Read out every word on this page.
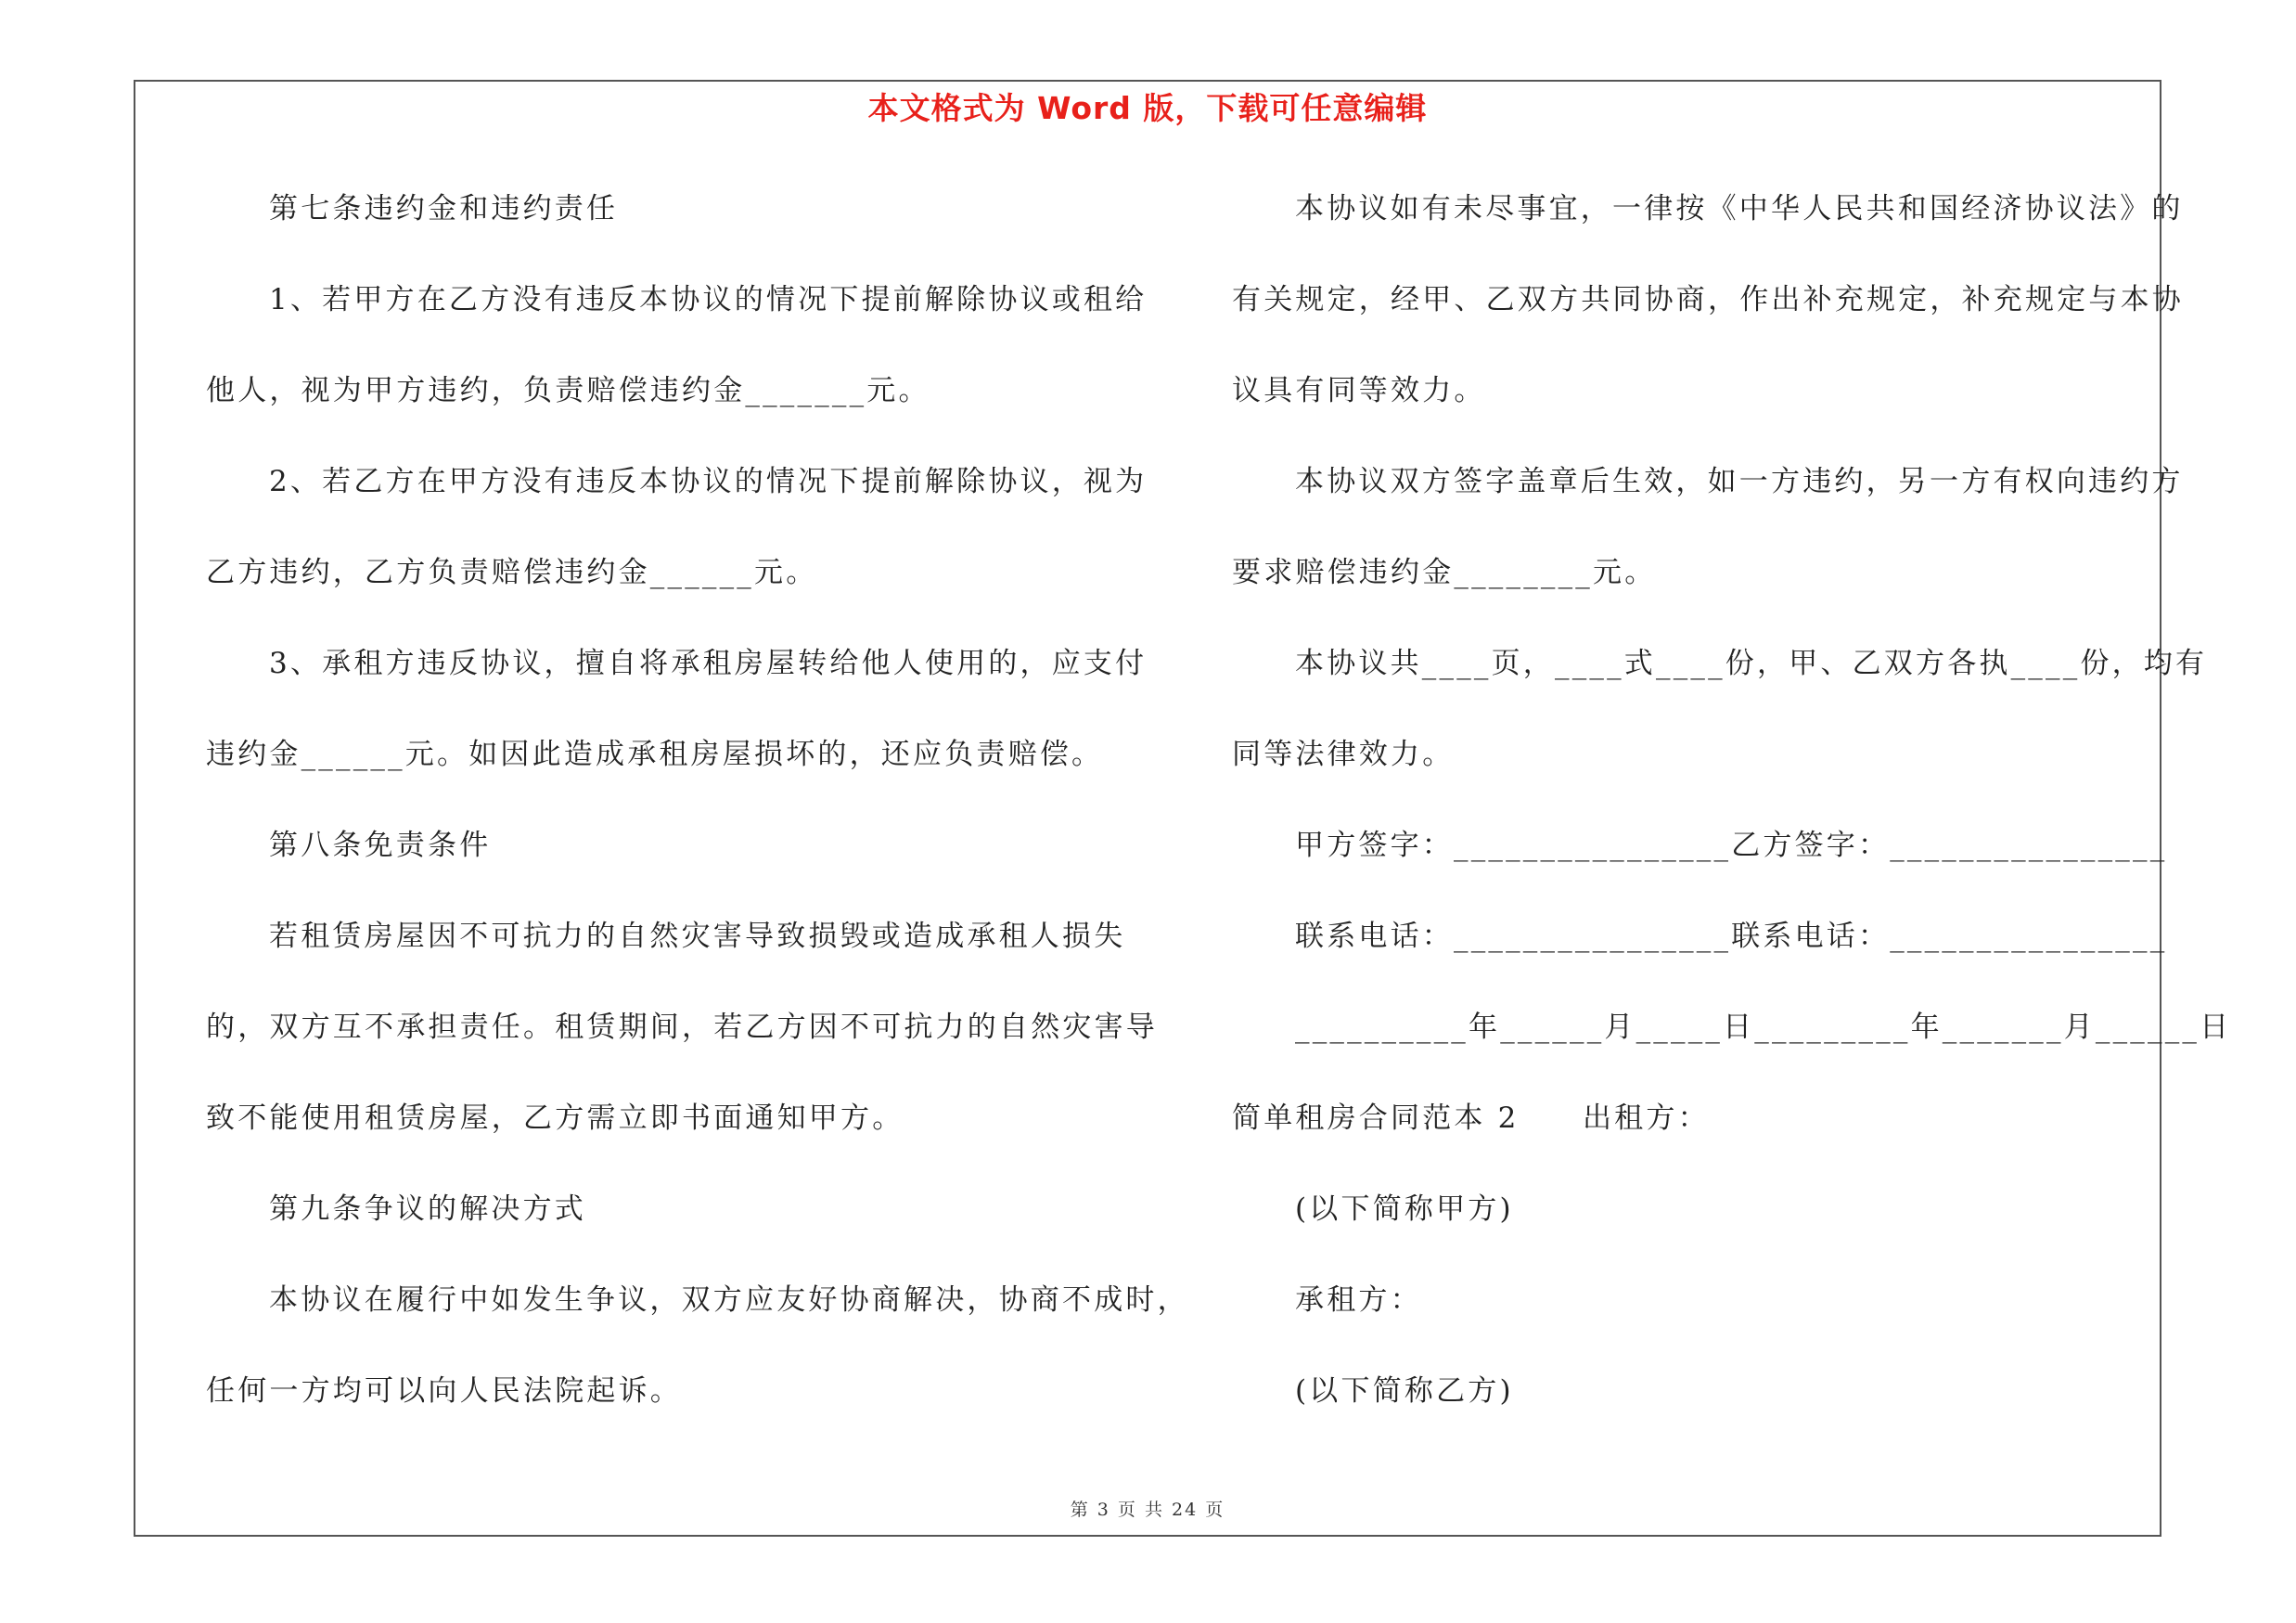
本文格式为 Word 版，下载可任意编辑
第七条违约金和违约责任
1、若甲方在乙方没有违反本协议的情况下提前解除协议或租给
他人，视为甲方违约，负责赔偿违约金_______元。
2、若乙方在甲方没有违反本协议的情况下提前解除协议，视为
乙方违约，乙方负责赔偿违约金______元。
3、承租方违反协议，擅自将承租房屋转给他人使用的，应支付
违约金______元。如因此造成承租房屋损坏的，还应负责赔偿。
第八条免责条件
若租赁房屋因不可抗力的自然灾害导致损毁或造成承租人损失
的，双方互不承担责任。租赁期间，若乙方因不可抗力的自然灾害导
致不能使用租赁房屋，乙方需立即书面通知甲方。
第九条争议的解决方式
本协议在履行中如发生争议，双方应友好协商解决，协商不成时，
任何一方均可以向人民法院起诉。
本协议如有未尽事宜，一律按《中华人民共和国经济协议法》的
有关规定，经甲、乙双方共同协商，作出补充规定，补充规定与本协
议具有同等效力。
本协议双方签字盖章后生效，如一方违约，另一方有权向违约方
要求赔偿违约金________元。
本协议共____页，____式____份，甲、乙双方各执____份，均有
同等法律效力。
甲方签字：________________乙方签字：________________
联系电话：________________联系电话：________________
__________年______月_____日_________年_______月______日
简单租房合同范本 2　　出租方：
(以下简称甲方)
承租方：
(以下简称乙方)
第 3 页 共 24 页
